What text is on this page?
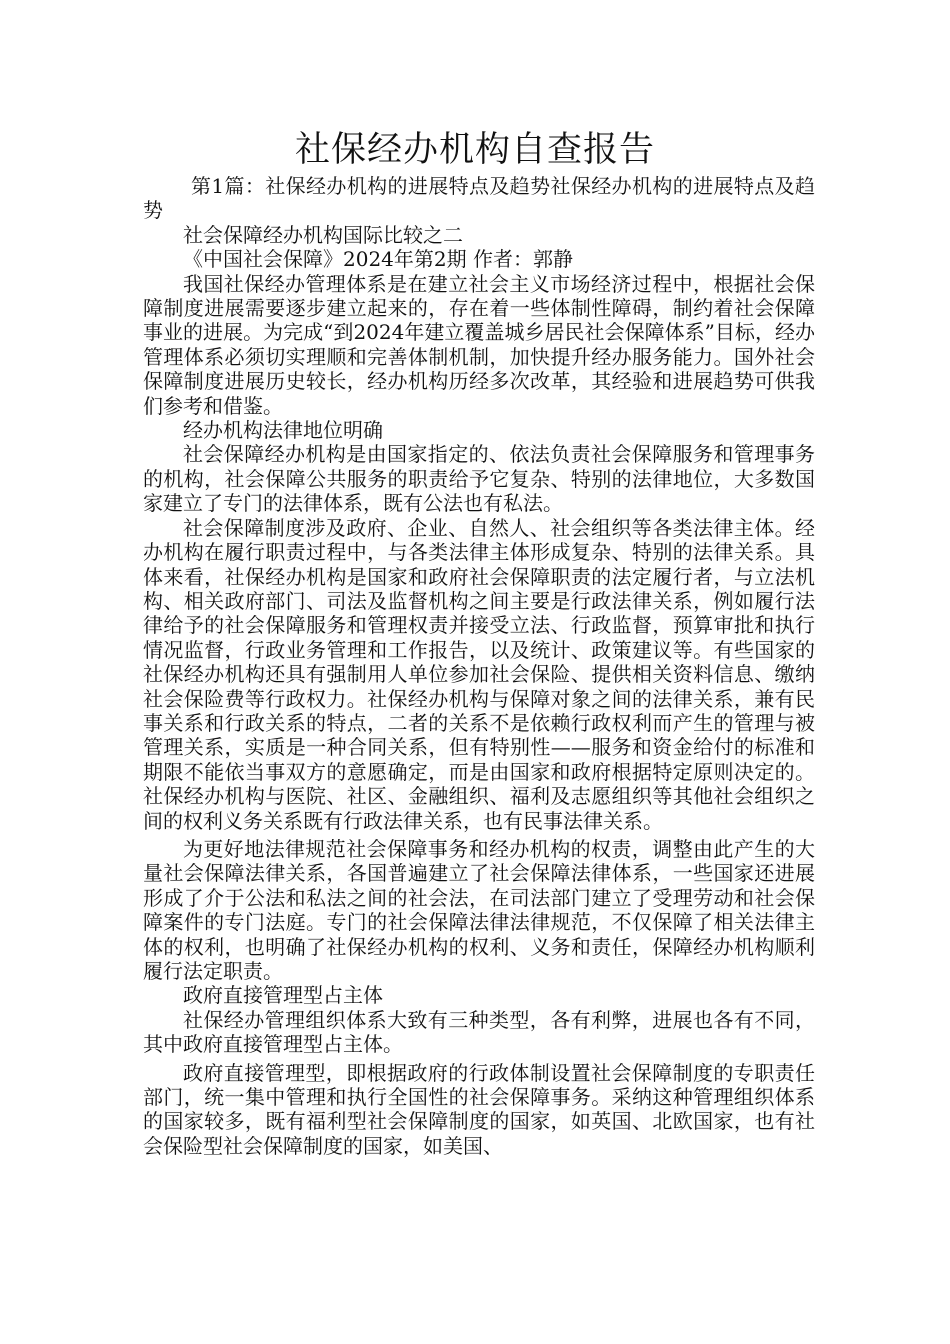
社保经办机构自查报告

第1篇：社保经办机构的进展特点及趋势社保经办机构的进展特点及趋势

社会保障经办机构国际比较之二

《中国社会保障》2024年第2期 作者：郭静

我国社保经办管理体系是在建立社会主义市场经济过程中，根据社会保障制度进展需要逐步建立起来的，存在着一些体制性障碍，制约着社会保障事业的进展。为完成“到2024年建立覆盖城乡居民社会保障体系”目标，经办管理体系必须切实理顺和完善体制机制，加快提升经办服务能力。国外社会保障制度进展历史较长，经办机构历经多次改革，其经验和进展趋势可供我们参考和借鉴。

经办机构法律地位明确

社会保障经办机构是由国家指定的、依法负责社会保障服务和管理事务的机构，社会保障公共服务的职责给予它复杂、特别的法律地位，大多数国家建立了专门的法律体系，既有公法也有私法。

社会保障制度涉及政府、企业、自然人、社会组织等各类法律主体。经办机构在履行职责过程中，与各类法律主体形成复杂、特别的法律关系。具体来看，社保经办机构是国家和政府社会保障职责的法定履行者，与立法机构、相关政府部门、司法及监督机构之间主要是行政法律关系，例如履行法律给予的社会保障服务和管理权责并接受立法、行政监督，预算审批和执行情况监督，行政业务管理和工作报告，以及统计、政策建议等。有些国家的社保经办机构还具有强制用人单位参加社会保险、提供相关资料信息、缴纳社会保险费等行政权力。社保经办机构与保障对象之间的法律关系，兼有民事关系和行政关系的特点，二者的关系不是依赖行政权利而产生的管理与被管理关系，实质是一种合同关系，但有特别性——服务和资金给付的标准和期限不能依当事双方的意愿确定，而是由国家和政府根据特定原则决定的。社保经办机构与医院、社区、金融组织、福利及志愿组织等其他社会组织之间的权利义务关系既有行政法律关系，也有民事法律关系。

为更好地法律规范社会保障事务和经办机构的权责，调整由此产生的大量社会保障法律关系，各国普遍建立了社会保障法律体系，一些国家还进展形成了介于公法和私法之间的社会法，在司法部门建立了受理劳动和社会保障案件的专门法庭。专门的社会保障法律法律规范，不仅保障了相关法律主体的权利，也明确了社保经办机构的权利、义务和责任，保障经办机构顺利履行法定职责。

政府直接管理型占主体

社保经办管理组织体系大致有三种类型，各有利弊，进展也各有不同，其中政府直接管理型占主体。

政府直接管理型，即根据政府的行政体制设置社会保障制度的专职责任部门，统一集中管理和执行全国性的社会保障事务。采纳这种管理组织体系的国家较多，既有福利型社会保障制度的国家，如英国、北欧国家，也有社会保险型社会保障制度的国家，如美国、
